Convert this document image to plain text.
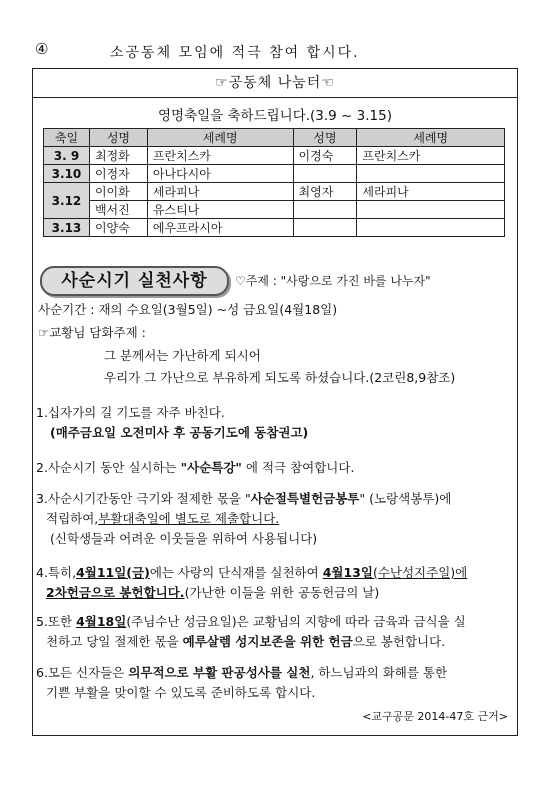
④	소공동체 모임에 적극 참여 합시다.
☞공동체 나눔터☜
영명축일을 축하드립니다.(3.9 ~ 3.15)
축일	성명	세례명	성명	세례명
3. 9	최정화	프란치스카	이경숙	프란치스카
3.10	이정자	아나다시아		
3.12	이이화	세라피나	최영자	세라피나
	백서진	유스티나		
3.13	이양숙	에우프라시아		
사순시기 실천사항	♡주제 : "사랑으로 가진 바를 나누자"
사순기간 : 재의 수요일(3월5일) ~성 금요일(4월18일)
☞교황님 담화주제 :
그 분께서는 가난하게 되시어
우리가 그 가난으로 부유하게 되도록 하셨습니다.(2코린8,9참조)
1.십자가의 길 기도를 자주 바친다.
(매주금요일 오전미사 후 공동기도에 동참권고)
2.사순시기 동안 실시하는 "사순특강" 에 적극 참여합니다.
3.사순시기간동안 극기와 절제한 몫을 "사순절특별헌금봉투" (노랑색봉투)에
적립하여,부활대축일에 별도로 제출합니다.
(신학생들과 어려운 이웃들을 위하여 사용됩니다)
4.특히,4월11일(금)에는 사랑의 단식재를 실천하여 4월13일(수난성지주일)에
2차헌금으로 봉헌합니다.(가난한 이들을 위한 공동헌금의 날)
5.또한 4월18일(주님수난 성금요일)은 교황님의 지향에 따라 금육과 금식을 실
천하고 당일 절제한 몫을 예루살렘 성지보존을 위한 헌금으로 봉헌합니다.
6.모든 신자들은 의무적으로 부활 판공성사를 실천, 하느님과의 화해를 통한
기쁜 부활을 맞이할 수 있도록 준비하도록 합시다.
<교구공문 2014-47호 근거>
